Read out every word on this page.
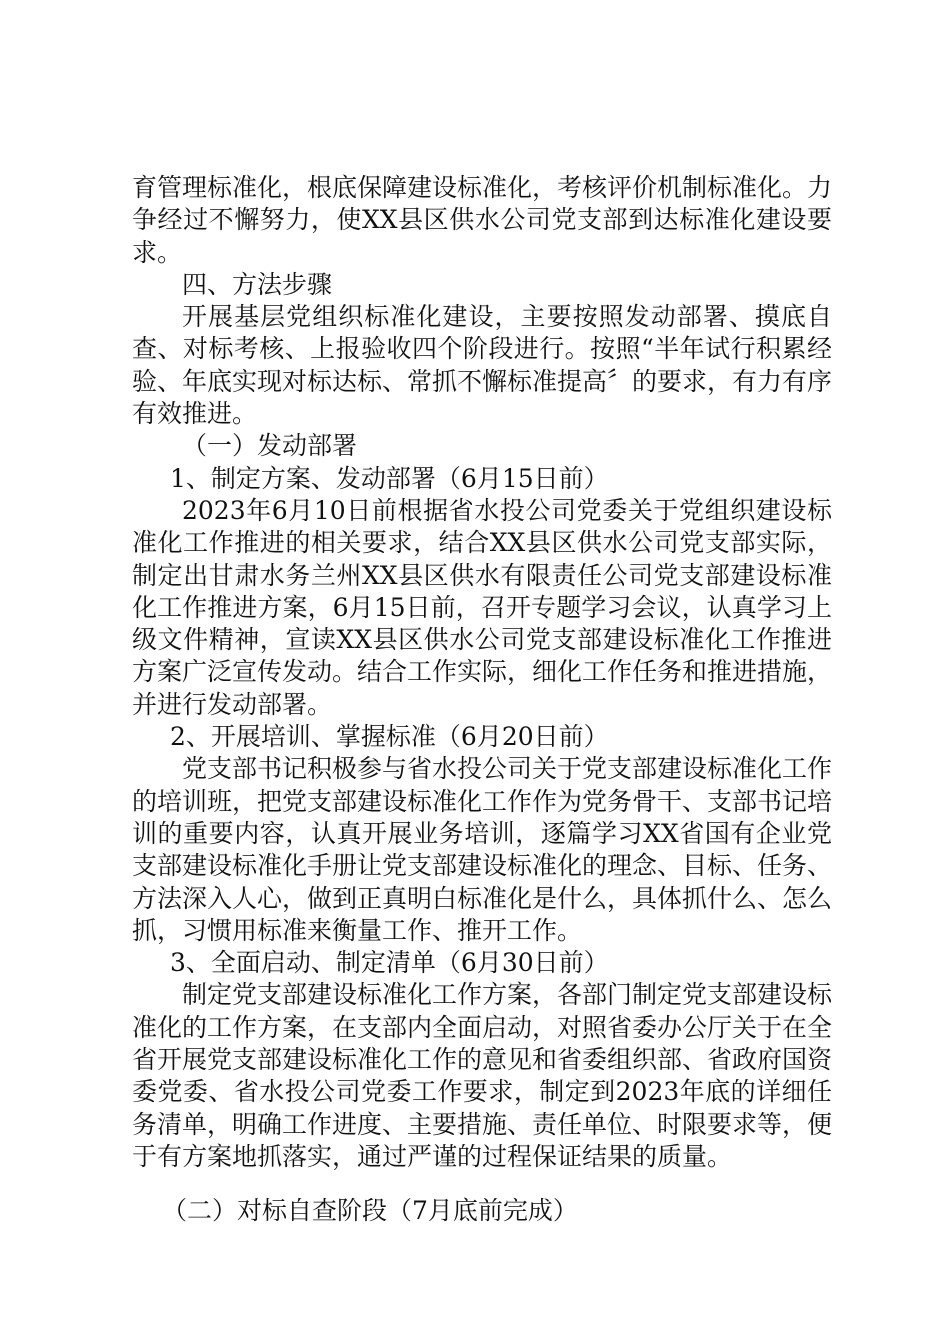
育管理标准化，根底保障建设标准化，考核评价机制标准化。力争经过不懈努力，使XX县区供水公司党支部到达标准化建设要求。

四、方法步骤

开展基层党组织标准化建设，主要按照发动部署、摸底自查、对标考核、上报验收四个阶段进行。按照“半年试行积累经验、年底实现对标达标、常抓不懈标准提高〞的要求，有力有序有效推进。

（一）发动部署

1、制定方案、发动部署（6月15日前）

2023年6月10日前根据省水投公司党委关于党组织建设标准化工作推进的相关要求，结合XX县区供水公司党支部实际，制定出甘肃水务兰州XX县区供水有限责任公司党支部建设标准化工作推进方案，6月15日前，召开专题学习会议，认真学习上级文件精神，宣读XX县区供水公司党支部建设标准化工作推进方案广泛宣传发动。结合工作实际，细化工作任务和推进措施，并进行发动部署。

2、开展培训、掌握标准（6月20日前）

党支部书记积极参与省水投公司关于党支部建设标准化工作的培训班，把党支部建设标准化工作作为党务骨干、支部书记培训的重要内容，认真开展业务培训，逐篇学习XX省国有企业党支部建设标准化手册让党支部建设标准化的理念、目标、任务、方法深入人心，做到正真明白标准化是什么，具体抓什么、怎么抓，习惯用标准来衡量工作、推开工作。

3、全面启动、制定清单（6月30日前）

制定党支部建设标准化工作方案，各部门制定党支部建设标准化的工作方案，在支部内全面启动，对照省委办公厅关于在全省开展党支部建设标准化工作的意见和省委组织部、省政府国资委党委、省水投公司党委工作要求，制定到2023年底的详细任务清单，明确工作进度、主要措施、责任单位、时限要求等，便于有方案地抓落实，通过严谨的过程保证结果的质量。

（二）对标自查阶段（7月底前完成）
